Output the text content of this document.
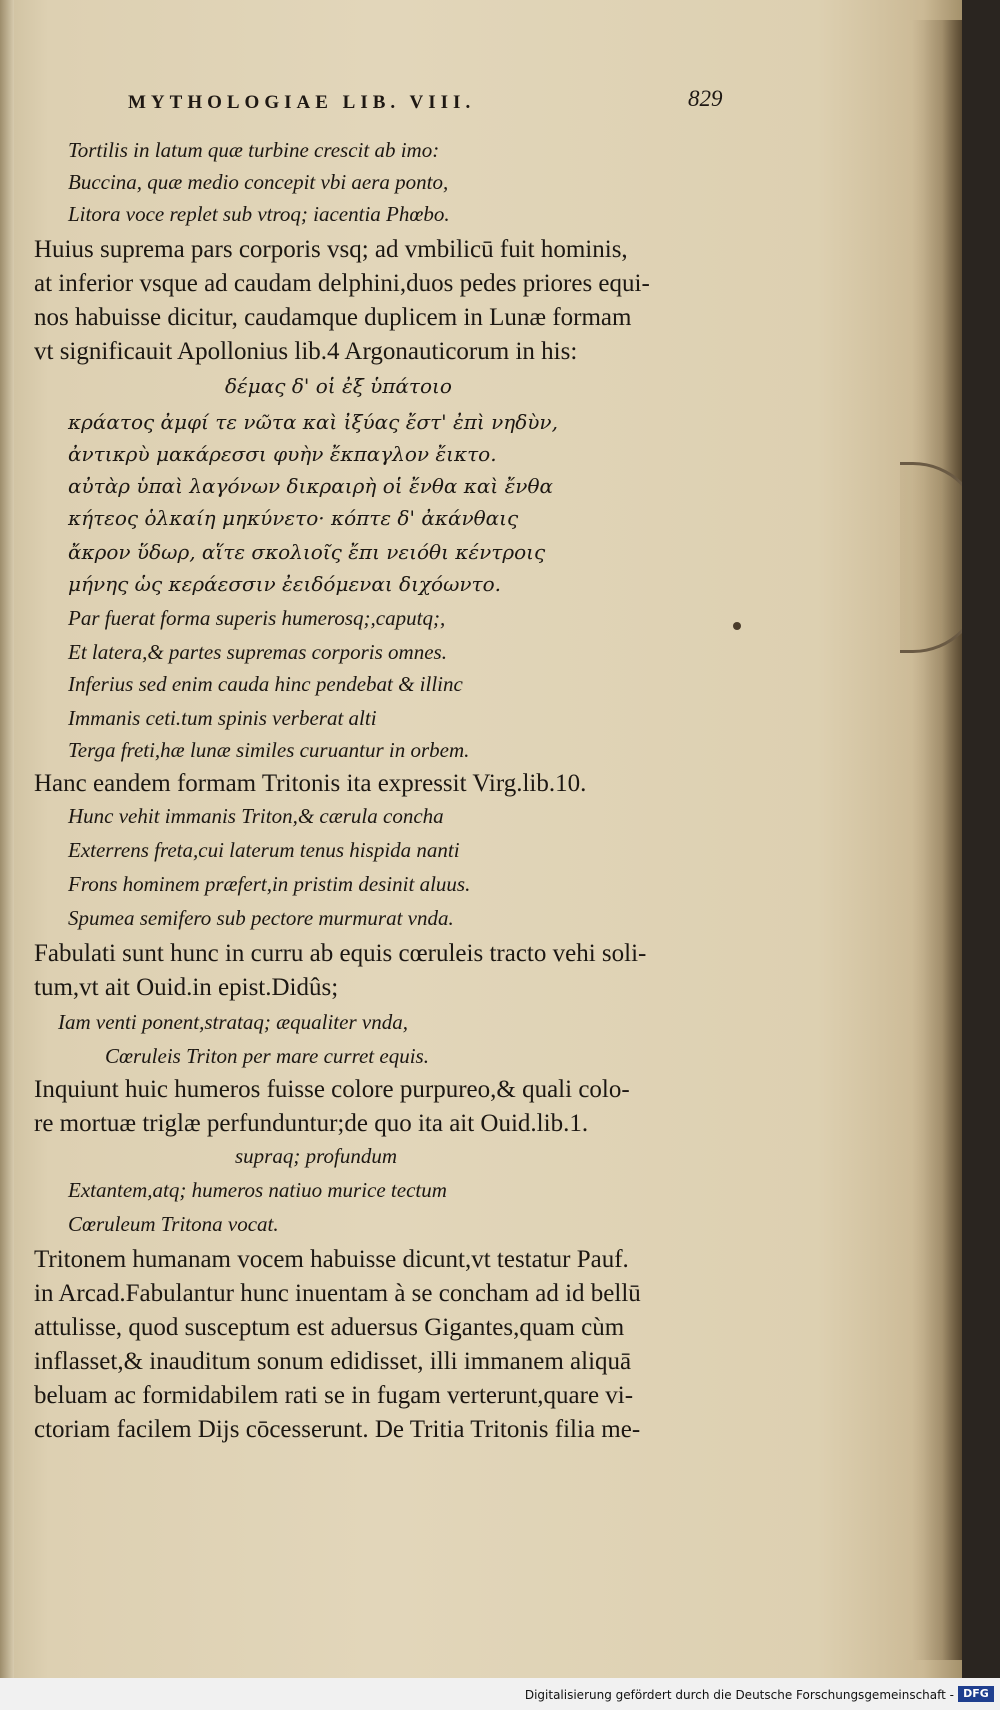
MYTHOLOGIAE LIB. VIII.	829
Tortilis in latum quæ turbine crescit ab imo:
Buccina, quæ medio concepit vbi aera ponto,
Litora voce replet sub vtroq; iacentia Phœbo.
Huius suprema pars corporis vsq; ad vmbilicū fuit hominis,
at inferior vsque ad caudam delphini,duos pedes priores equi-
nos habuisse dicitur, caudamque duplicem in Lunæ formam
vt significauit Apollonius lib.4 Argonauticorum in his:
δέμας δ' οἱ ἐξ ὑπάτοιο
κράατος ἀμφί τε νῶτα καὶ ἰξύας ἔστ' ἐπὶ νηδὺν,
ἀντικρὺ μακάρεσσι φυὴν ἔκπαγλον ἔικτο.
αὐτὰρ ὑπαὶ λαγόνων δικραιρὴ οἱ ἔνθα καὶ ἔνθα
κήτεος ὁλκαίη μηκύνετο· κόπτε δ' ἀκάνθαις
ἄκρον ὕδωρ, αἵτε σκολιοῖς ἔπι νειόθι κέντροις
μήνης ὡς κεράεσσιν ἐειδόμεναι διχόωντο.
Par fuerat forma superis humerosq;,caputq;,
Et latera,& partes supremas corporis omnes.
Inferius sed enim cauda hinc pendebat & illinc
Immanis ceti.tum spinis verberat alti
Terga freti,hæ lunæ similes curuantur in orbem.
Hanc eandem formam Tritonis ita expressit Virg.lib.10.
Hunc vehit immanis Triton,& cærula concha
Exterrens freta,cui laterum tenus hispida nanti
Frons hominem præfert,in pristim desinit aluus.
Spumea semifero sub pectore murmurat vnda.
Fabulati sunt hunc in curru ab equis cœruleis tracto vehi soli-
tum,vt ait Ouid.in epist.Didûs;
Iam venti ponent,strataq; æqualiter vnda,
Cœruleis Triton per mare curret equis.
Inquiunt huic humeros fuisse colore purpureo,& quali colo-
re mortuæ triglæ perfunduntur;de quo ita ait Ouid.lib.1.
supraq; profundum
Extantem,atq; humeros natiuo murice tectum
Cœruleum Tritona vocat.
Tritonem humanam vocem habuisse dicunt,vt testatur Pauf.
in Arcad.Fabulantur hunc inuentam à se concham ad id bellū
attulisse, quod susceptum est aduersus Gigantes,quam cùm
inflasset,& inauditum sonum edidisset, illi immanem aliquā
beluam ac formidabilem rati se in fugam verterunt,quare vi-
ctoriam facilem Dijs cōcesserunt. De Tritia Tritonis filia me-
Digitalisierung gefördert durch die Deutsche Forschungsgemeinschaft - DFG
